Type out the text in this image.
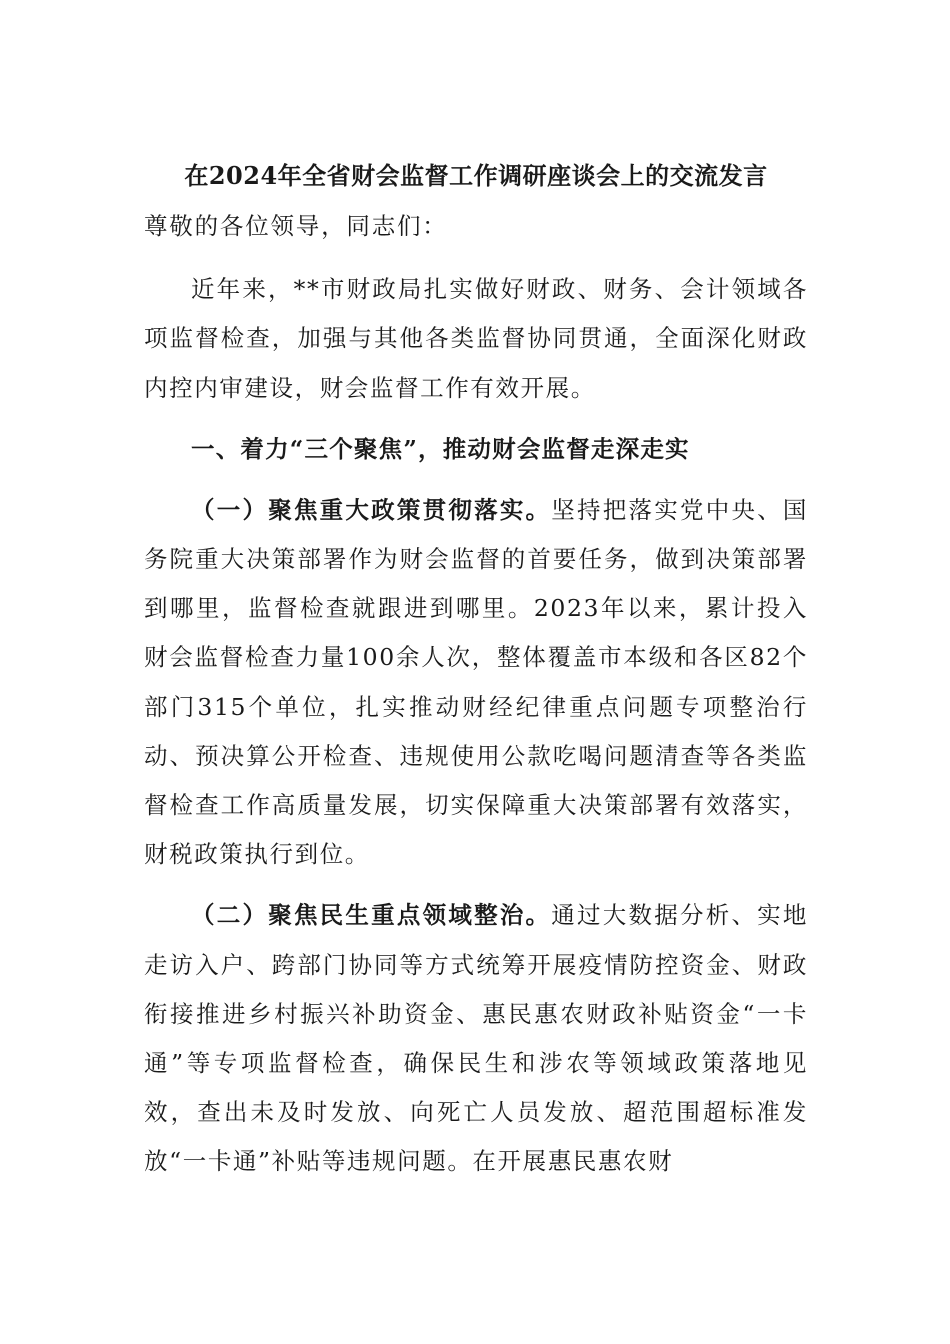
在2024年全省财会监督工作调研座谈会上的交流发言

尊敬的各位领导，同志们：

近年来，**市财政局扎实做好财政、财务、会计领域各项监督检查，加强与其他各类监督协同贯通，全面深化财政内控内审建设，财会监督工作有效开展。

一、着力“三个聚焦”，推动财会监督走深走实

（一）聚焦重大政策贯彻落实。坚持把落实党中央、国务院重大决策部署作为财会监督的首要任务，做到决策部署到哪里，监督检查就跟进到哪里。2023年以来，累计投入财会监督检查力量100余人次，整体覆盖市本级和各区82个部门315个单位，扎实推动财经纪律重点问题专项整治行动、预决算公开检查、违规使用公款吃喝问题清查等各类监督检查工作高质量发展，切实保障重大决策部署有效落实，财税政策执行到位。

（二）聚焦民生重点领域整治。通过大数据分析、实地走访入户、跨部门协同等方式统筹开展疫情防控资金、财政衔接推进乡村振兴补助资金、惠民惠农财政补贴资金“一卡通”等专项监督检查，确保民生和涉农等领域政策落地见效，查出未及时发放、向死亡人员发放、超范围超标准发放“一卡通”补贴等违规问题。在开展惠民惠农财
